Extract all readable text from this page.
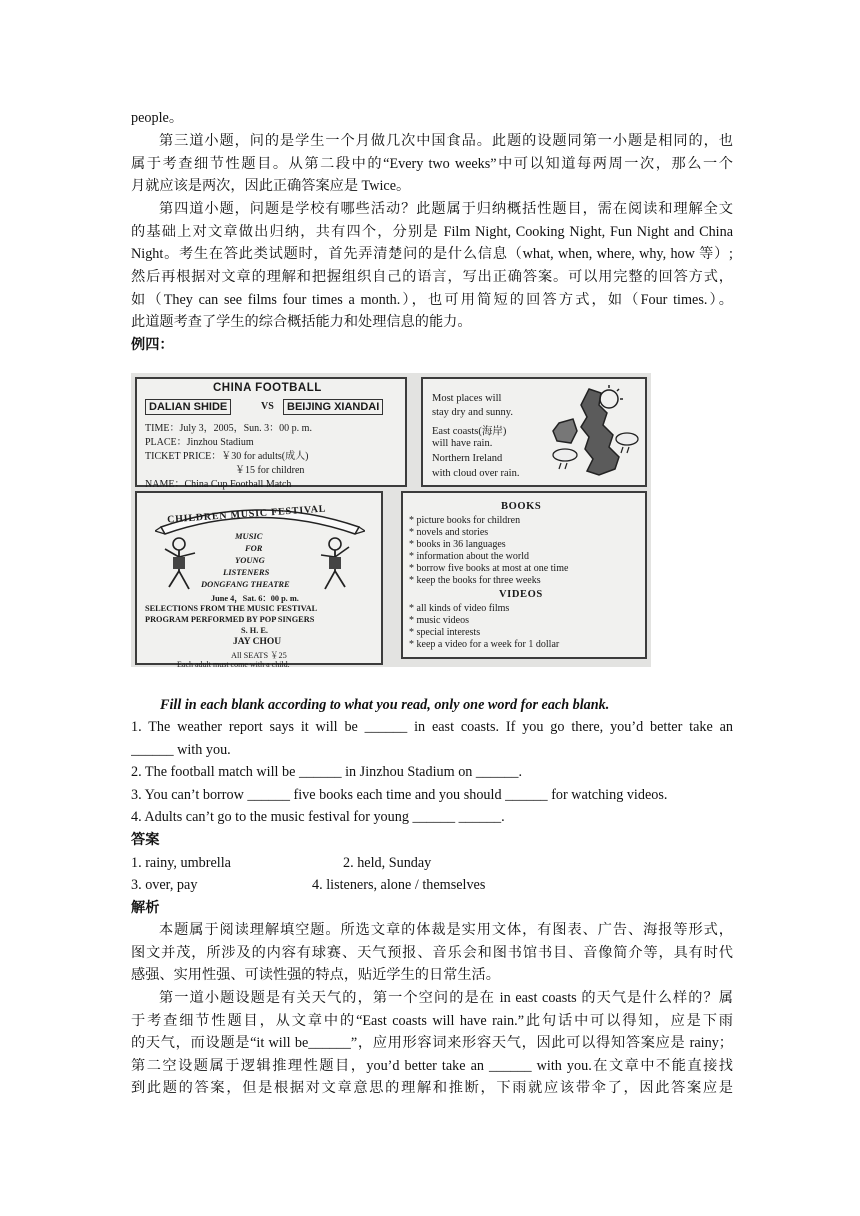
people。
第三道小题，问的是学生一个月做几次中国食品。此题的设题同第一小题是相同的，也
属于考查细节性题目。从第二段中的“Every two weeks”中可以知道每两周一次，那么一个
月就应该是两次，因此正确答案应是 Twice。
第四道小题，问题是学校有哪些活动？此题属于归纳概括性题目，需在阅读和理解全文
的基础上对文章做出归纳，共有四个，分别是 Film Night, Cooking Night, Fun Night and China
Night。考生在答此类试题时，首先弄清楚问的是什么信息（what, when, where, why, how 等）;
然后再根据对文章的理解和把握组织自己的语言，写出正确答案。可以用完整的回答方式，
如（They can see films four times a month.），也可用简短的回答方式，如（Four times.）。
此道题考查了学生的综合概括能力和处理信息的能力。
例四：
CHINA FOOTBALL
DALIAN SHIDE	VS	BEIJING XIANDAI
TIME：July 3，2005，Sun. 3：00 p. m.
PLACE：Jinzhou Stadium
TICKET PRICE：￥30 for adults(成人)
￥15 for children
NAME：China Cup Football Match
Most places will
stay dry and sunny.
East coasts(海岸)
will have rain.
Northern Ireland
with cloud over rain.
CHILDREN MUSIC FESTIVAL
MUSIC
FOR
YOUNG
LISTENERS
DONGFANG THEATRE
June 4，Sat. 6：00 p. m.
SELECTIONS FROM THE MUSIC FESTIVAL
PROGRAM PERFORMED BY POP SINGERS
S. H. E.
JAY CHOU
All SEATS ￥25
Each adult must come with a child.
BOOKS
* picture books for children
* novels and stories
* books in 36 languages
* information about the world
* borrow five books at most at one time
* keep the books for three weeks
VIDEOS
* all kinds of video films
* music videos
* special interests
* keep a video for a week for 1 dollar
Fill in each blank according to what you read, only one word for each blank.
1. The weather report says it will be ______ in east coasts. If you go there, you’d better take an
______ with you.
2. The football match will be ______ in Jinzhou Stadium on ______.
3. You can’t borrow ______ five books each time and you should ______ for watching videos.
4. Adults can’t go to the music festival for young ______ ______.
答案
1. rainy, umbrella	2. held, Sunday
3. over, pay	4. listeners, alone / themselves
解析
本题属于阅读理解填空题。所选文章的体裁是实用文体，有图表、广告、海报等形式，
图文并茂，所涉及的内容有球赛、天气预报、音乐会和图书馆书目、音像简介等，具有时代
感强、实用性强、可读性强的特点，贴近学生的日常生活。
第一道小题设题是有关天气的，第一个空问的是在 in east coasts 的天气是什么样的？属
于考查细节性题目，从文章中的“East coasts will have rain.”此句话中可以得知，应是下雨
的天气，而设题是“it will be______”，应用形容词来形容天气，因此可以得知答案应是 rainy；
第二空设题属于逻辑推理性题目，you’d better take an ______ with you.在文章中不能直接找
到此题的答案，但是根据对文章意思的理解和推断，下雨就应该带伞了，因此答案应是
